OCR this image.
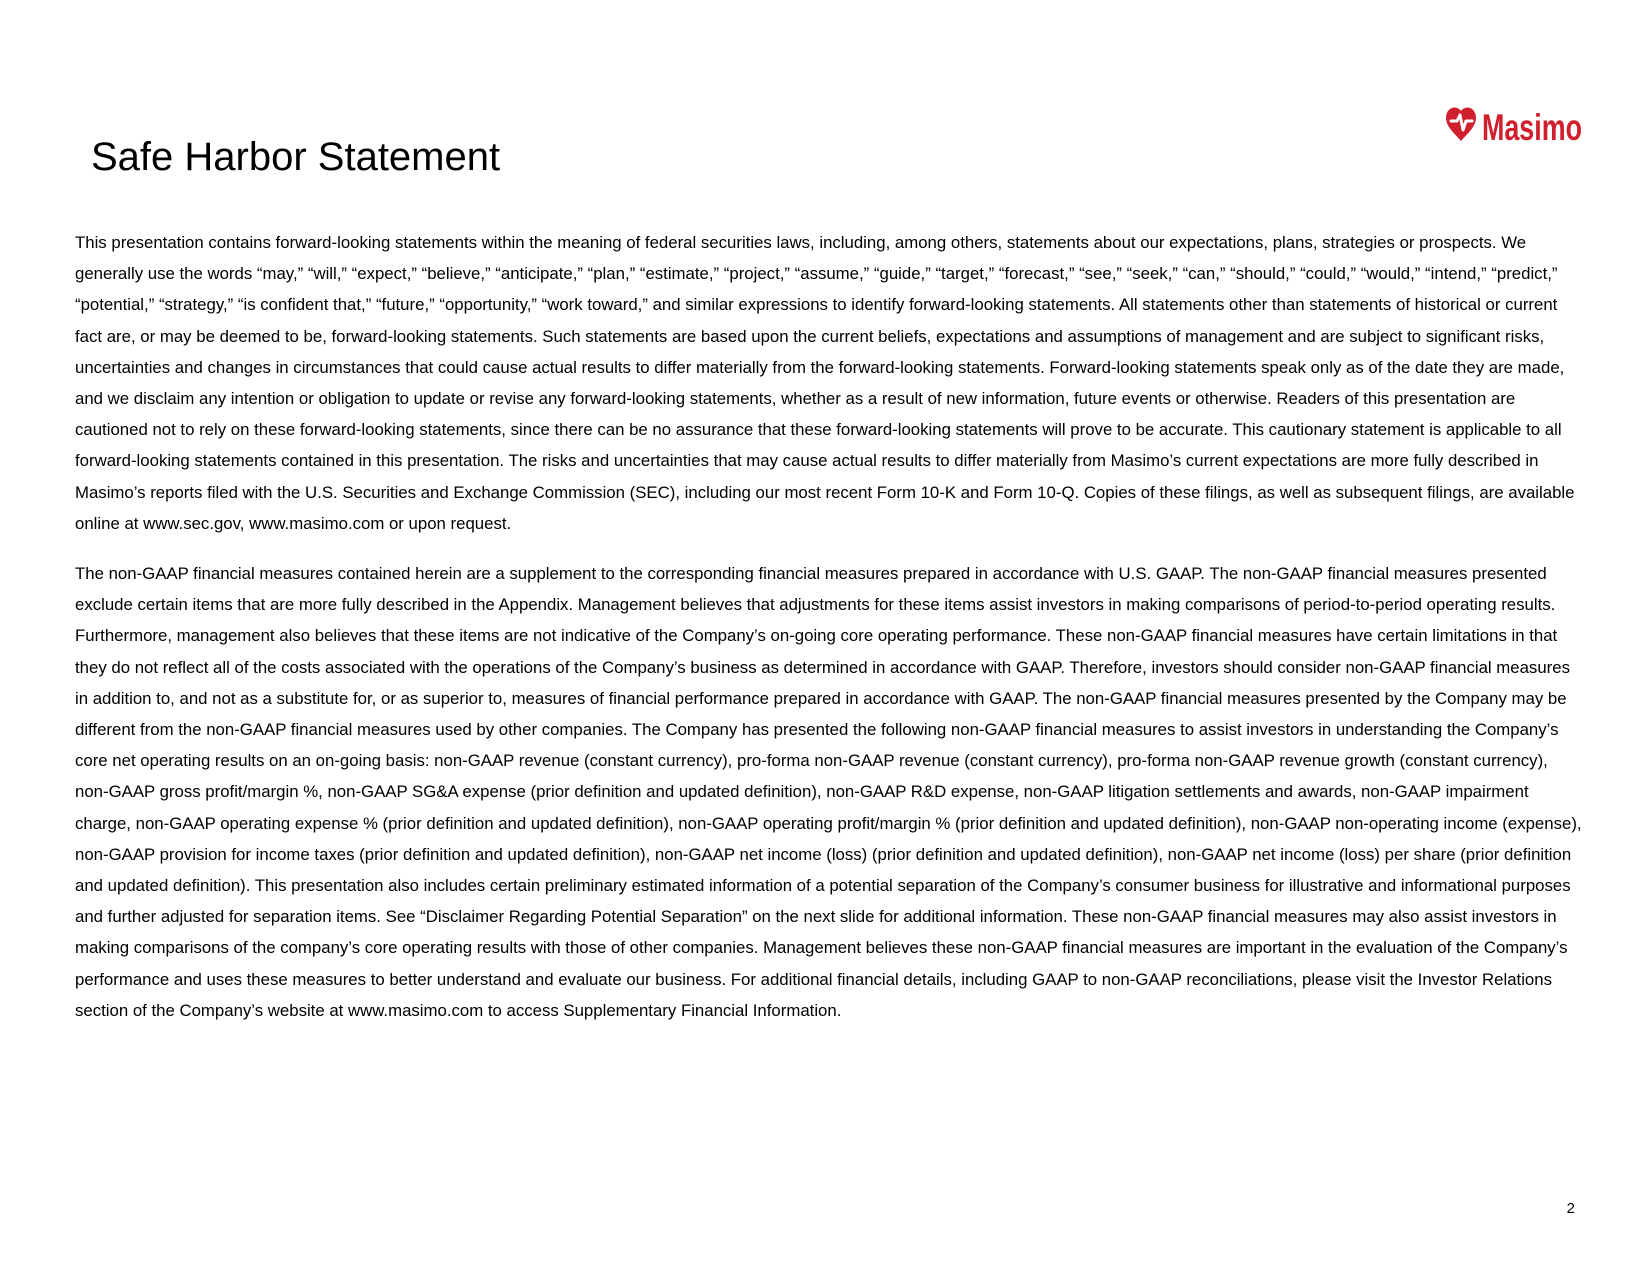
Safe Harbor Statement
Masimo

This presentation contains forward-looking statements within the meaning of federal securities laws, including, among others, statements about our expectations, plans, strategies or prospects. We generally use the words “may,” “will,” “expect,” “believe,” “anticipate,” “plan,” “estimate,” “project,” “assume,” “guide,” “target,” “forecast,” “see,” “seek,” “can,” “should,” “could,” “would,” “intend,” “predict,” “potential,” “strategy,” “is confident that,” “future,” “opportunity,” “work toward,” and similar expressions to identify forward-looking statements. All statements other than statements of historical or current fact are, or may be deemed to be, forward-looking statements. Such statements are based upon the current beliefs, expectations and assumptions of management and are subject to significant risks, uncertainties and changes in circumstances that could cause actual results to differ materially from the forward-looking statements. Forward-looking statements speak only as of the date they are made, and we disclaim any intention or obligation to update or revise any forward-looking statements, whether as a result of new information, future events or otherwise. Readers of this presentation are cautioned not to rely on these forward-looking statements, since there can be no assurance that these forward-looking statements will prove to be accurate. This cautionary statement is applicable to all forward-looking statements contained in this presentation. The risks and uncertainties that may cause actual results to differ materially from Masimo’s current expectations are more fully described in Masimo’s reports filed with the U.S. Securities and Exchange Commission (SEC), including our most recent Form 10-K and Form 10-Q. Copies of these filings, as well as subsequent filings, are available online at www.sec.gov, www.masimo.com or upon request.

The non-GAAP financial measures contained herein are a supplement to the corresponding financial measures prepared in accordance with U.S. GAAP. The non-GAAP financial measures presented exclude certain items that are more fully described in the Appendix. Management believes that adjustments for these items assist investors in making comparisons of period-to-period operating results. Furthermore, management also believes that these items are not indicative of the Company’s on-going core operating performance. These non-GAAP financial measures have certain limitations in that they do not reflect all of the costs associated with the operations of the Company’s business as determined in accordance with GAAP. Therefore, investors should consider non-GAAP financial measures in addition to, and not as a substitute for, or as superior to, measures of financial performance prepared in accordance with GAAP. The non-GAAP financial measures presented by the Company may be different from the non-GAAP financial measures used by other companies. The Company has presented the following non-GAAP financial measures to assist investors in understanding the Company’s core net operating results on an on-going basis: non-GAAP revenue (constant currency), pro-forma non-GAAP revenue (constant currency), pro-forma non-GAAP revenue growth (constant currency), non-GAAP gross profit/margin %, non-GAAP SG&A expense (prior definition and updated definition), non-GAAP R&D expense, non-GAAP litigation settlements and awards, non-GAAP impairment charge, non-GAAP operating expense % (prior definition and updated definition), non-GAAP operating profit/margin % (prior definition and updated definition), non-GAAP non-operating income (expense), non-GAAP provision for income taxes (prior definition and updated definition), non-GAAP net income (loss) (prior definition and updated definition), non-GAAP net income (loss) per share (prior definition and updated definition). This presentation also includes certain preliminary estimated information of a potential separation of the Company’s consumer business for illustrative and informational purposes and further adjusted for separation items. See “Disclaimer Regarding Potential Separation” on the next slide for additional information. These non-GAAP financial measures may also assist investors in making comparisons of the company’s core operating results with those of other companies. Management believes these non-GAAP financial measures are important in the evaluation of the Company’s performance and uses these measures to better understand and evaluate our business. For additional financial details, including GAAP to non-GAAP reconciliations, please visit the Investor Relations section of the Company’s website at www.masimo.com to access Supplementary Financial Information.

2
